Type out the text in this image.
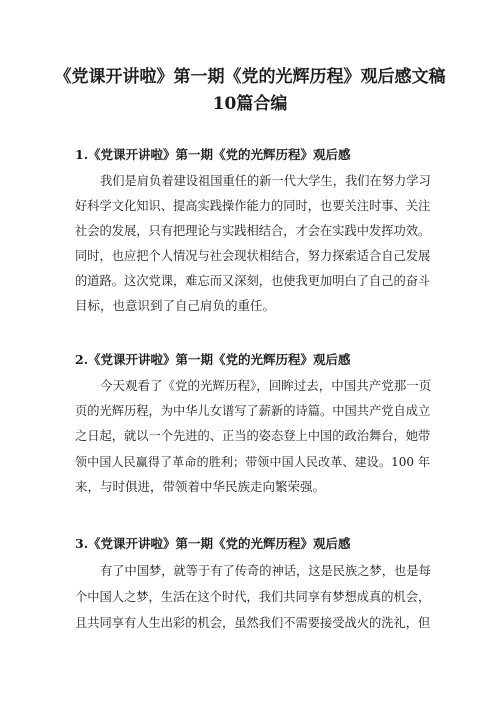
《党课开讲啦》第一期《党的光辉历程》观后感文稿
10篇合编
1.《党课开讲啦》第一期《党的光辉历程》观后感

我们是肩负着建设祖国重任的新一代大学生，我们在努力学习

好科学文化知识、提高实践操作能力的同时，也要关注时事、关注

社会的发展，只有把理论与实践相结合，才会在实践中发挥功效。

同时，也应把个人情况与社会现状相结合，努力探索适合自己发展

的道路。这次党课，难忘而又深刻，也使我更加明白了自己的奋斗

目标，也意识到了自己肩负的重任。

2.《党课开讲啦》第一期《党的光辉历程》观后感

今天观看了《党的光辉历程》，回眸过去，中国共产党那一页

页的光辉历程，为中华儿女谱写了薪新的诗篇。中国共产党自成立

之日起，就以一个先进的、正当的姿态登上中国的政治舞台，她带

领中国人民赢得了革命的胜利；带领中国人民改革、建设。100 年

来，与时俱进，带领着中华民族走向繁荣强。

3.《党课开讲啦》第一期《党的光辉历程》观后感

有了中国梦，就等于有了传奇的神话，这是民族之梦，也是每

个中国人之梦，生活在这个时代，我们共同享有梦想成真的机会，

且共同享有人生出彩的机会，虽然我们不需要接受战火的洗礼，但
